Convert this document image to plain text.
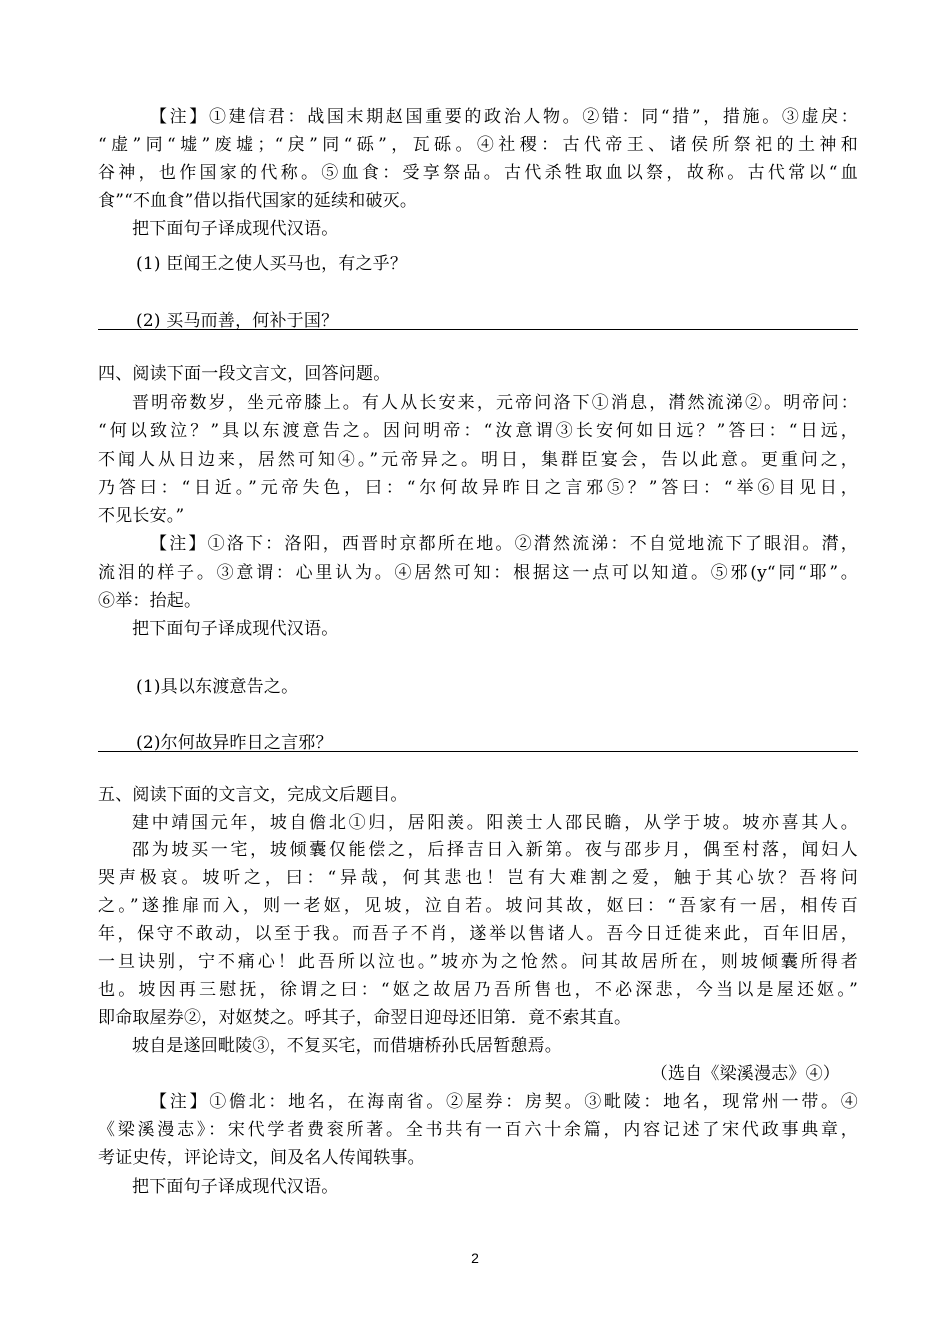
【注】①建信君：战国末期赵国重要的政治人物。②错：同“措”，措施。③虚戾：
“虚”同“墟”废墟；“戾”同“砾”，瓦砾。④社稷：古代帝王、诸侯所祭祀的土神和
谷神，也作国家的代称。⑤血食：受享祭品。古代杀牲取血以祭，故称。古代常以“血
食”“不血食”借以指代国家的延续和破灭。
把下面句子译成现代汉语。
(1) 臣闻王之使人买马也，有之乎？
(2) 买马而善，何补于国？
四、阅读下面一段文言文，回答问题。
晋明帝数岁，坐元帝膝上。有人从长安来，元帝问洛下①消息，潸然流涕②。明帝问：
“何以致泣？”具以东渡意告之。因问明帝：“汝意谓③长安何如日远？”答曰：“日远，
不闻人从日边来，居然可知④。”元帝异之。明日，集群臣宴会，告以此意。更重问之，
乃答曰：“日近。”元帝失色，曰：“尔何故异昨日之言邪⑤？”答曰：“举⑥目见日，
不见长安。”
【注】①洛下：洛阳，西晋时京都所在地。②潸然流涕：不自觉地流下了眼泪。潸，
流泪的样子。③意谓：心里认为。④居然可知：根据这一点可以知道。⑤邪(y“同“耶”。
⑥举：抬起。
把下面句子译成现代汉语。
(1)具以东渡意告之。
(2)尔何故异昨日之言邪？
五、阅读下面的文言文，完成文后题目。
建中靖国元年，坡自儋北①归，居阳羡。阳羡士人邵民瞻，从学于坡。坡亦喜其人。
邵为坡买一宅，坡倾囊仅能偿之，后择吉日入新第。夜与邵步月，偶至村落，闻妇人
哭声极哀。坡听之，曰：“异哉，何其悲也！岂有大难割之爱，触于其心欤？吾将问
之。”遂推扉而入，则一老妪，见坡，泣自若。坡问其故，妪曰：“吾家有一居，相传百
年，保守不敢动，以至于我。而吾子不肖，遂举以售诸人。吾今日迁徙来此，百年旧居，
一旦诀别，宁不痛心！此吾所以泣也。”坡亦为之怆然。问其故居所在，则坡倾囊所得者
也。坡因再三慰抚，徐谓之曰：“妪之故居乃吾所售也，不必深悲，今当以是屋还妪。”
即命取屋券②，对妪焚之。呼其子，命翌日迎母还旧第．竟不索其直。
坡自是遂回毗陵③，不复买宅，而借塘桥孙氏居暂憩焉。
（选自《梁溪漫志》④）
【注】①儋北：地名，在海南省。②屋券：房契。③毗陵：地名，现常州一带。④
《梁溪漫志》：宋代学者费衮所著。全书共有一百六十余篇，内容记述了宋代政事典章，
考证史传，评论诗文，间及名人传闻轶事。
把下面句子译成现代汉语。
2
